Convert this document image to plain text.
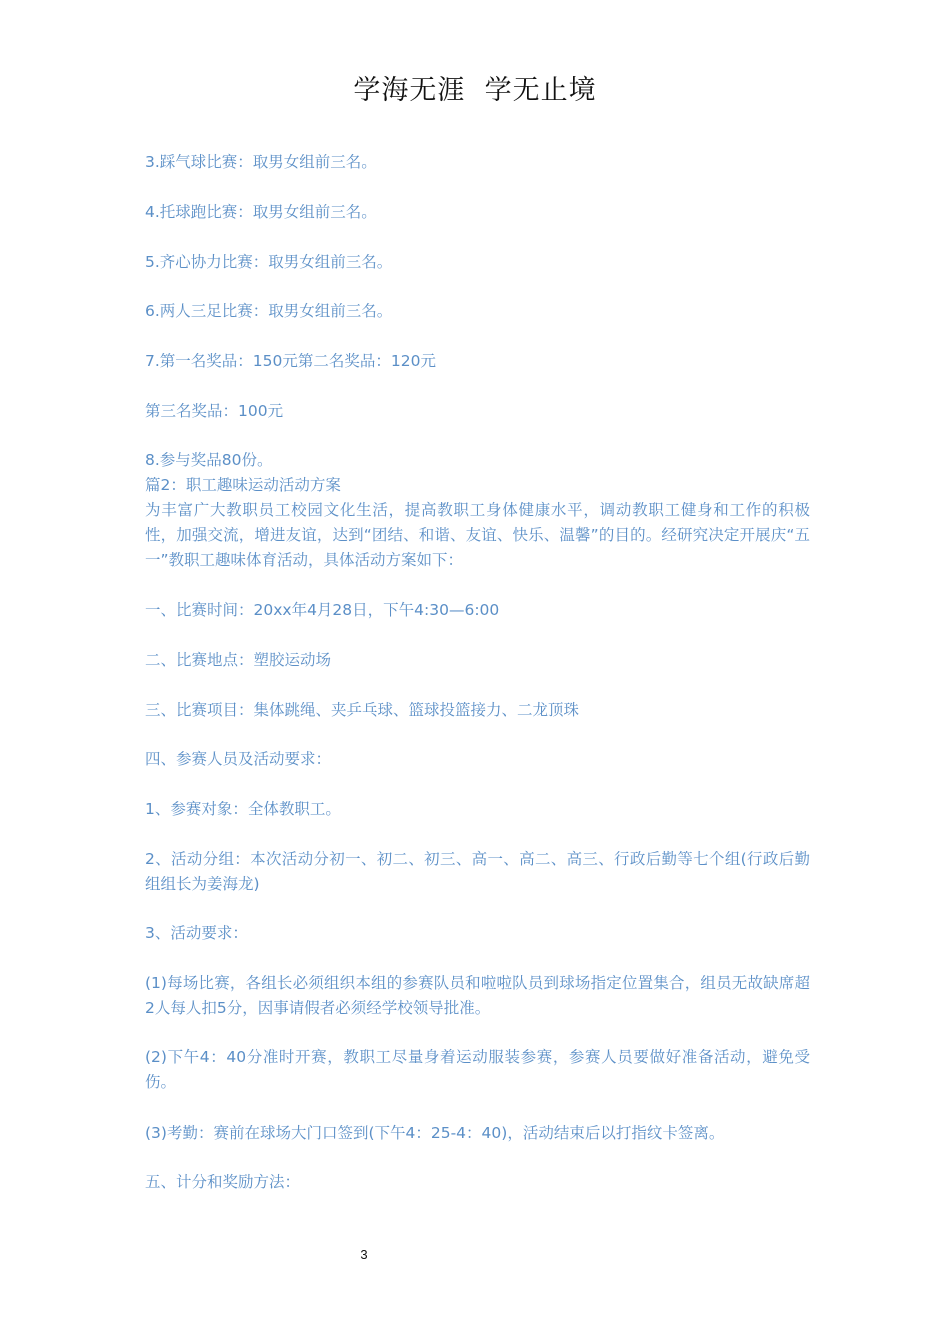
学海无涯  学无止境

3.踩气球比赛：取男女组前三名。

4.托球跑比赛：取男女组前三名。

5.齐心协力比赛：取男女组前三名。

6.两人三足比赛：取男女组前三名。

7.第一名奖品：150元第二名奖品：120元

第三名奖品：100元

8.参与奖品80份。

篇2：职工趣味运动活动方案

为丰富广大教职员工校园文化生活，提高教职工身体健康水平，调动教职工健身和工作的积极性，加强交流，增进友谊，达到“团结、和谐、友谊、快乐、温馨”的目的。经研究决定开展庆“五一”教职工趣味体育活动，具体活动方案如下：

一、比赛时间：20xx年4月28日，下午4:30—6:00

二、比赛地点：塑胶运动场

三、比赛项目：集体跳绳、夹乒乓球、篮球投篮接力、二龙顶珠

四、参赛人员及活动要求：

1、参赛对象：全体教职工。

2、活动分组：本次活动分初一、初二、初三、高一、高二、高三、行政后勤等七个组(行政后勤组组长为姜海龙)

3、活动要求：

(1)每场比赛，各组长必须组织本组的参赛队员和啦啦队员到球场指定位置集合，组员无故缺席超2人每人扣5分，因事请假者必须经学校领导批准。

(2)下午4：40分准时开赛，教职工尽量身着运动服装参赛，参赛人员要做好准备活动，避免受伤。

(3)考勤：赛前在球场大门口签到(下午4：25-4：40)，活动结束后以打指纹卡签离。

五、计分和奖励方法：

3
